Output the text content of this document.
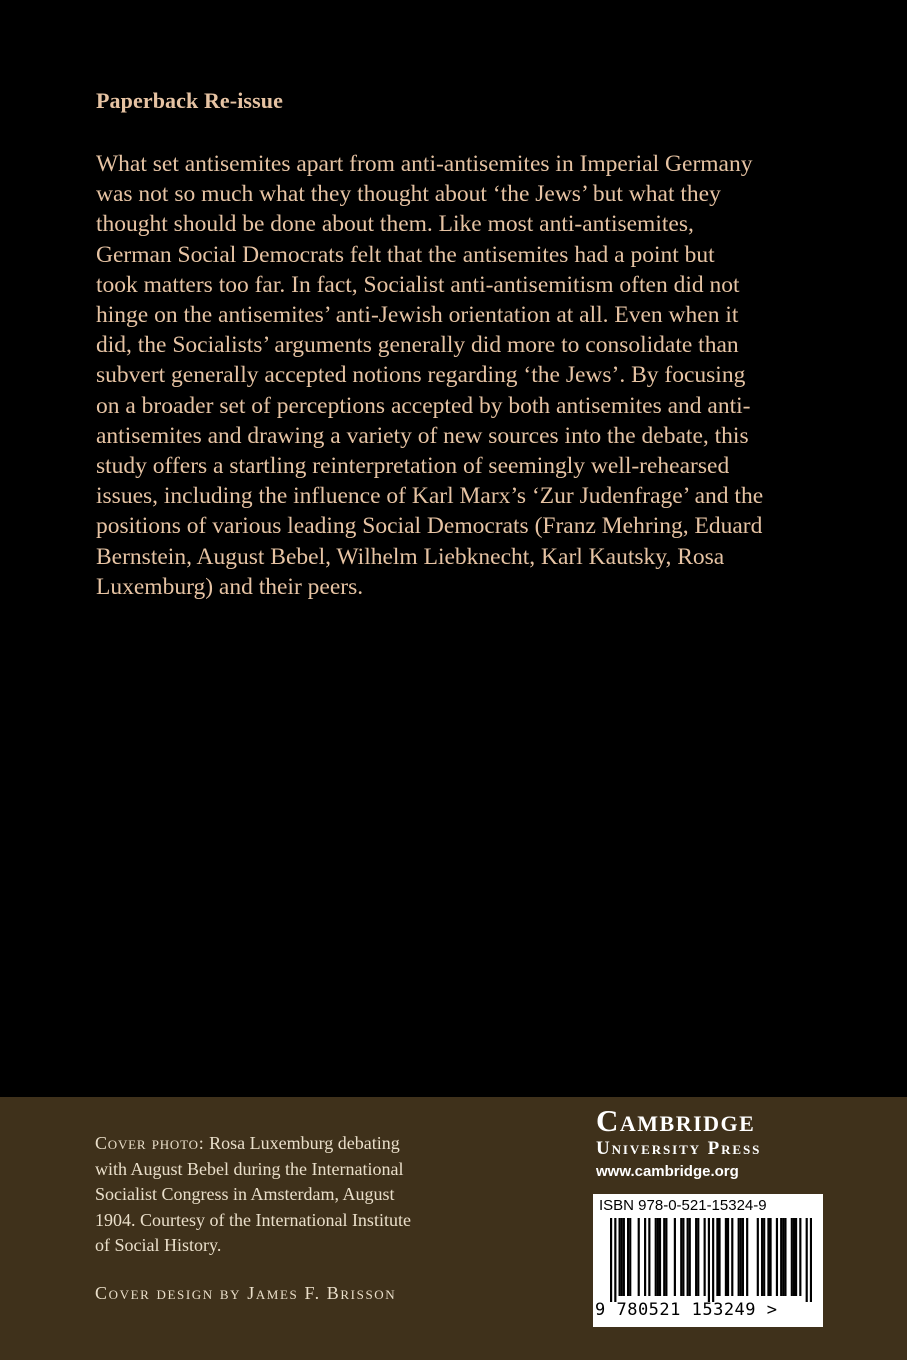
Paperback Re-issue
What set antisemites apart from anti-antisemites in Imperial Germany
was not so much what they thought about ‘the Jews’ but what they
thought should be done about them. Like most anti-antisemites,
German Social Democrats felt that the antisemites had a point but
took matters too far. In fact, Socialist anti-antisemitism often did not
hinge on the antisemites’ anti-Jewish orientation at all. Even when it
did, the Socialists’ arguments generally did more to consolidate than
subvert generally accepted notions regarding ‘the Jews’. By focusing
on a broader set of perceptions accepted by both antisemites and anti-
antisemites and drawing a variety of new sources into the debate, this
study offers a startling reinterpretation of seemingly well-rehearsed
issues, including the influence of Karl Marx’s ‘Zur Judenfrage’ and the
positions of various leading Social Democrats (Franz Mehring, Eduard
Bernstein, August Bebel, Wilhelm Liebknecht, Karl Kautsky, Rosa
Luxemburg) and their peers.
Cover photo: Rosa Luxemburg debating
with August Bebel during the International
Socialist Congress in Amsterdam, August
1904. Courtesy of the International Institute
of Social History.
Cover design by James F. Brisson
Cambridge
University Press
www.cambridge.org
ISBN 978-0-521-15324-9
9 780521 153249 >
